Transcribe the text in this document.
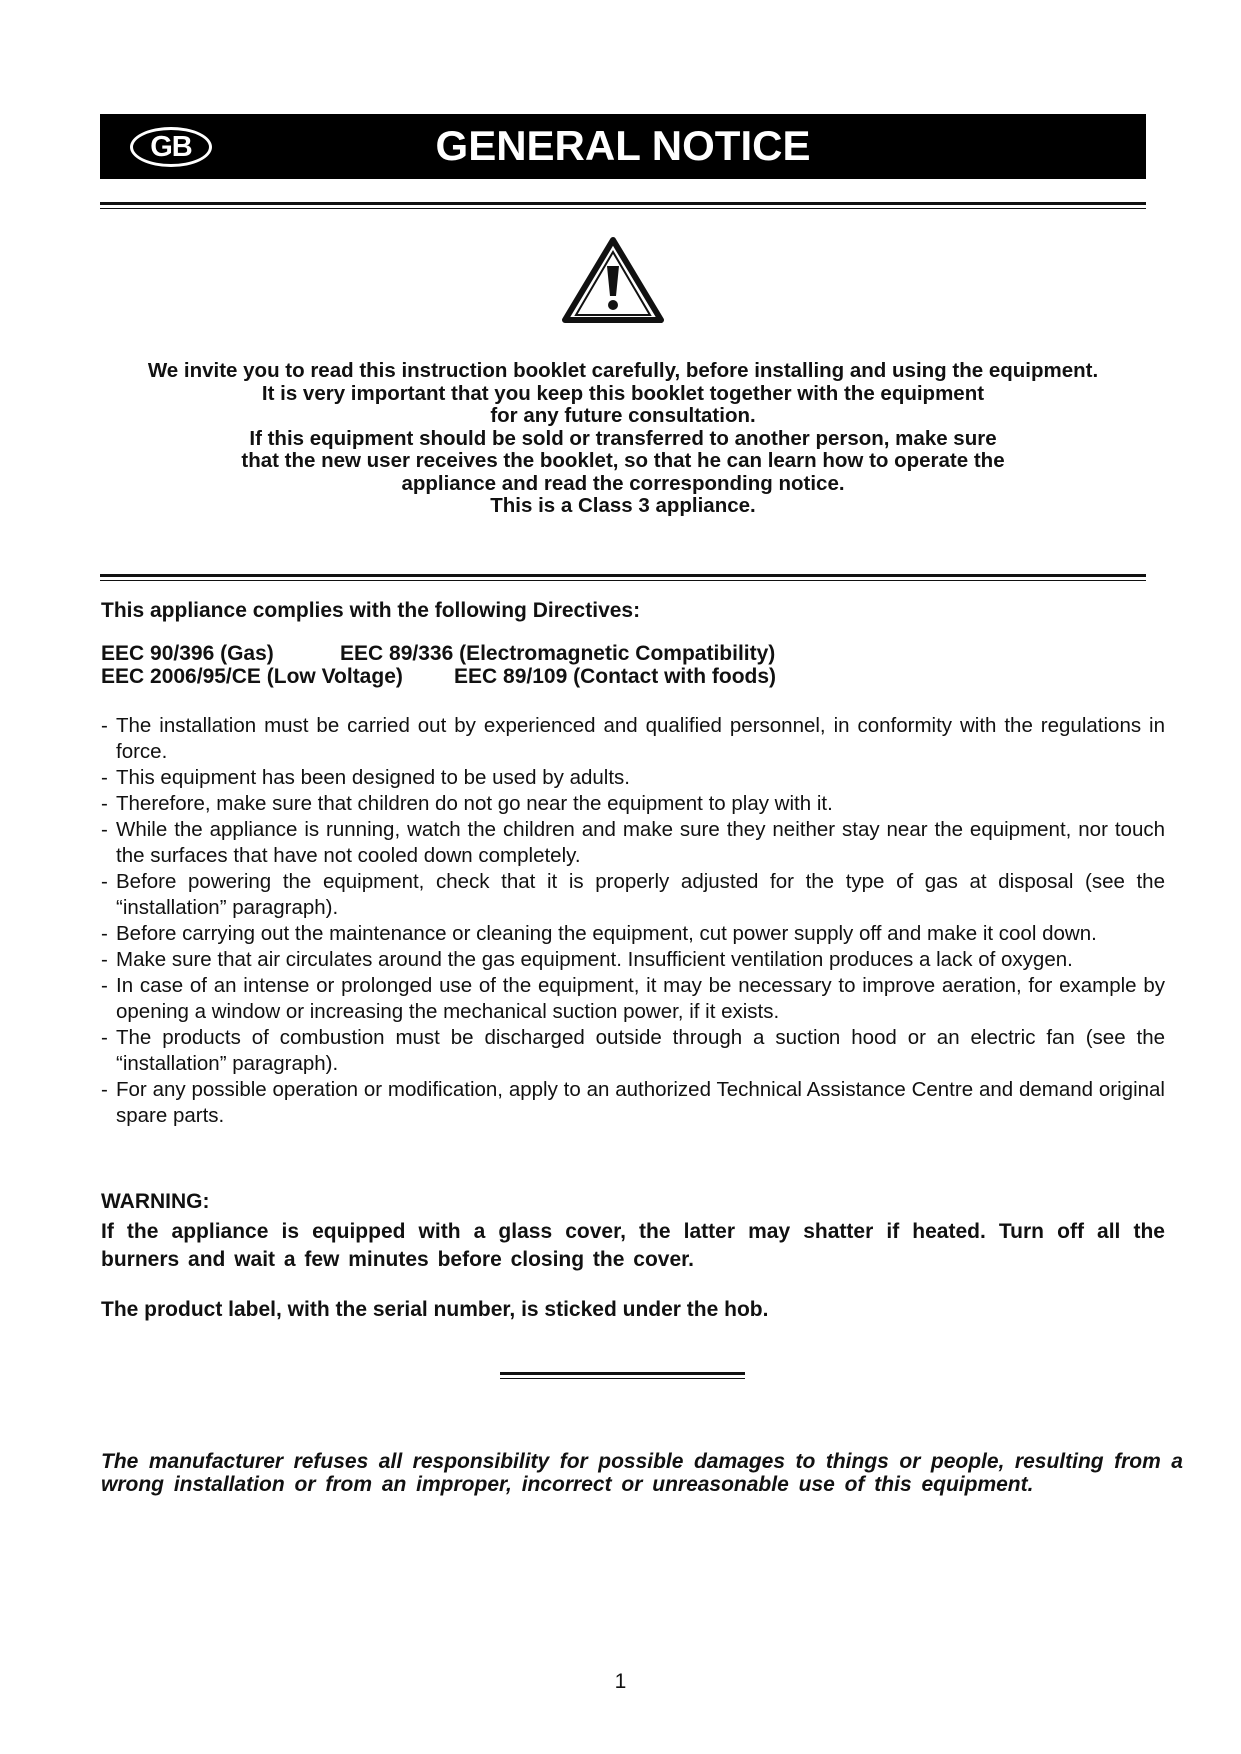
GB	GENERAL NOTICE

We invite you to read this instruction booklet carefully, before installing and using the equipment.

It is very important that you keep this booklet together with the equipment for any future consultation.

If this equipment should be sold or transferred to another person, make sure that the new user receives the booklet, so that he can learn how to operate the appliance and read the corresponding notice.

This is a Class 3 appliance.

This appliance complies with the following Directives:

EEC 90/396 (Gas)	EEC 89/336 (Electromagnetic Compatibility)
EEC 2006/95/CE (Low Voltage) EEC 89/109 (Contact with foods)
- The installation must be carried out by experienced and qualified personnel, in conformity with the regulations in force.
- This equipment has been designed to be used by adults.
- Therefore, make sure that children do not go near the equipment to play with it.
- While the appliance is running, watch the children and make sure they neither stay near the equipment, nor touch the surfaces that have not cooled down completely.
- Before powering the equipment, check that it is properly adjusted for the type of gas at disposal (see the “installation” paragraph).
- Before carrying out the maintenance or cleaning the equipment, cut power supply off and make it cool down.
- Make sure that air circulates around the gas equipment. Insufficient ventilation produces a lack of oxygen.
- In case of an intense or prolonged use of the equipment, it may be necessary to improve aeration, for example by opening a window or increasing the mechanical suction power, if it exists.
- The products of combustion must be discharged outside through a suction hood or an electric fan (see the “installation” paragraph).
- For any possible operation or modification, apply to an authorized Technical Assistance Centre and demand original spare parts.

WARNING:

If the appliance is equipped with a glass cover, the latter may shatter if heated. Turn off all the burners and wait a few minutes before closing the cover.

The product label, with the serial number, is sticked under the hob.

The manufacturer refuses all responsibility for possible damages to things or people, resulting from a wrong installation or from an improper, incorrect or unreasonable use of this equipment.

1
